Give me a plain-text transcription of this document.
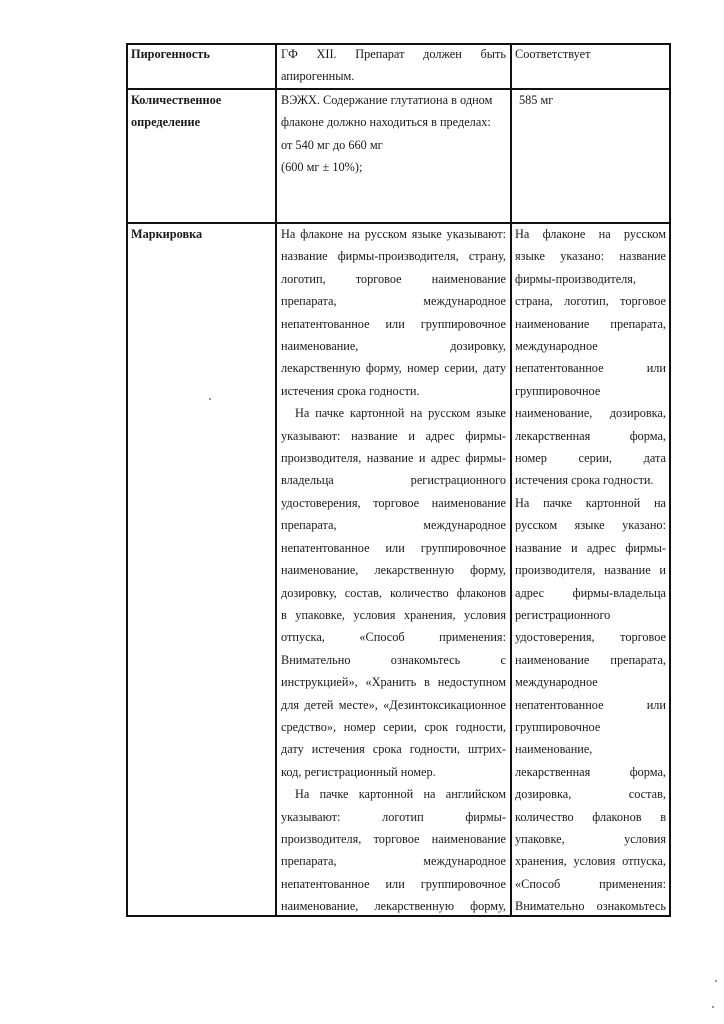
Пирогенность	ГФ XII. Препарат должен быть
апирогенным.
Соответствует
Количественное
определение
ВЭЖХ. Содержание глутатиона в одном
флаконе должно находиться в пределах:
от 540 мг до 660 мг
(600 мг ± 10%);
585 мг
Маркировка	На флаконе на русском языке указывают:
название фирмы-производителя, страну,
логотип, торговое наименование
препарата, международное
непатентованное или группировочное
наименование, дозировку,
лекарственную форму, номер серии, дату
истечения срока годности.
На пачке картонной на русском языке
указывают: название и адрес фирмы-
производителя, название и адрес фирмы-
владельца регистрационного
удостоверения, торговое наименование
препарата, международное
непатентованное или группировочное
наименование, лекарственную форму,
дозировку, состав, количество флаконов
в упаковке, условия хранения, условия
отпуска, «Способ применения:
Внимательно ознакомьтесь с
инструкцией», «Хранить в недоступном
для детей месте», «Дезинтоксикационное
средство», номер серии, срок годности,
дату истечения срока годности, штрих-
код, регистрационный номер.
На пачке картонной на английском
указывают: логотип фирмы-
производителя, торговое наименование
препарата, международное
непатентованное или группировочное
наименование, лекарственную форму,
На флаконе на русском
языке указано: название
фирмы-производителя,
страна, логотип, торговое
наименование препарата,
международное
непатентованное или
группировочное
наименование, дозировка,
лекарственная форма,
номер серии, дата
истечения срока годности.
На пачке картонной на
русском языке указано:
название и адрес фирмы-
производителя, название и
адрес фирмы-владельца
регистрационного
удостоверения, торговое
наименование препарата,
международное
непатентованное или
группировочное
наименование,
лекарственная форма,
дозировка, состав,
количество флаконов в
упаковке, условия
хранения, условия отпуска,
«Способ применения:
Внимательно ознакомьтесь
